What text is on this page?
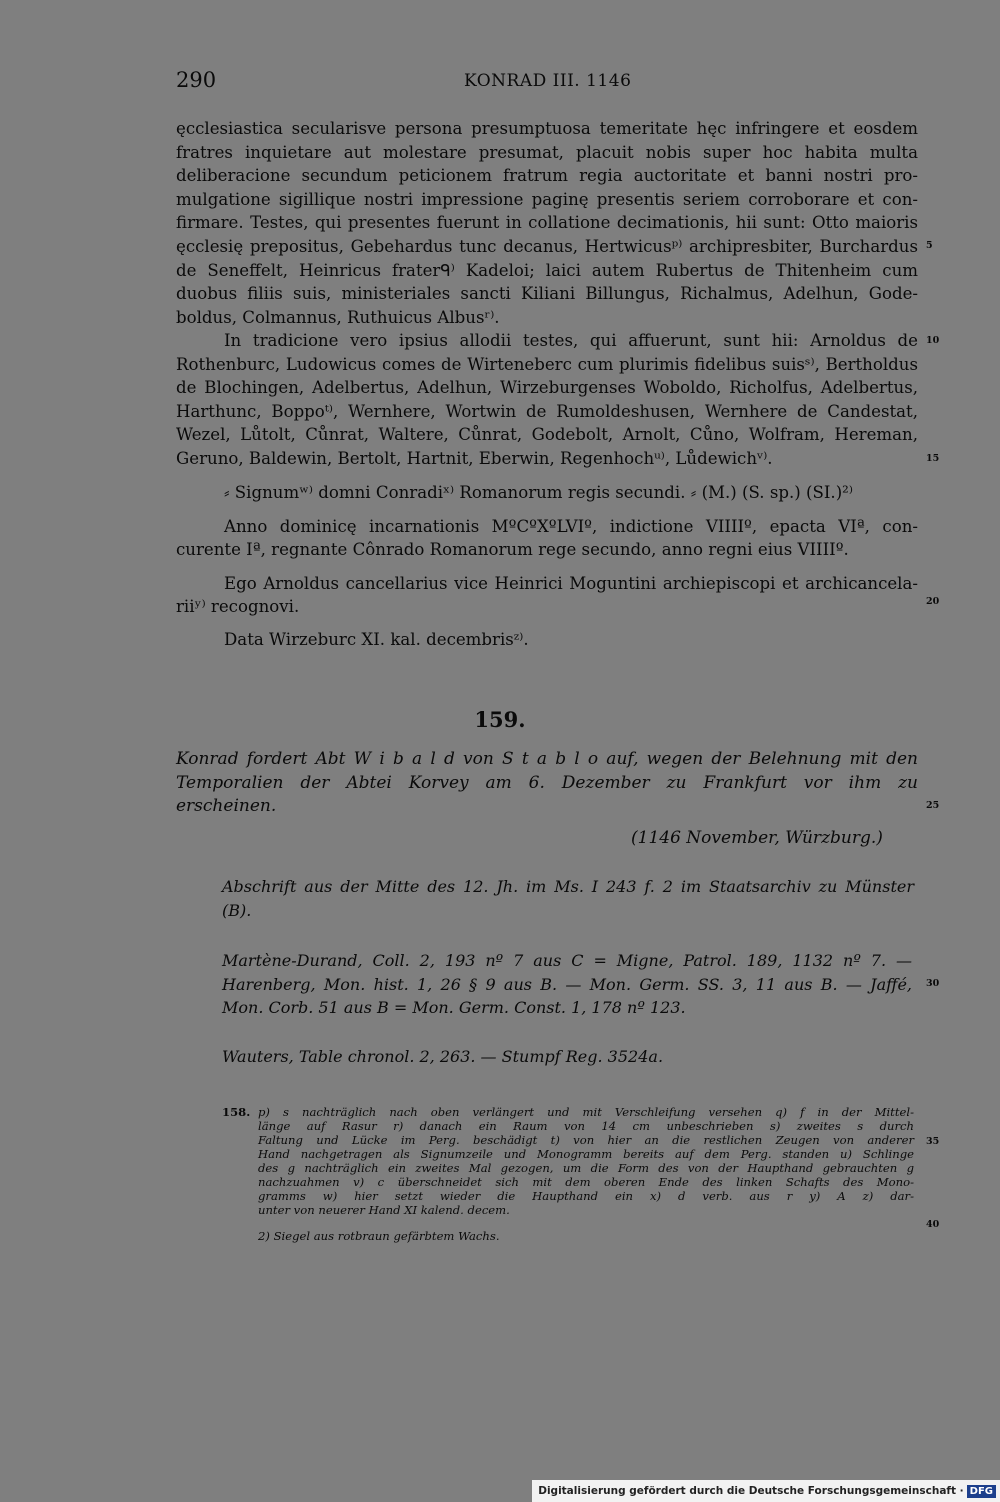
290	KONRAD III. 1146
ęcclesiastica secularisve persona presumptuosa temeritate hęc infringere et eosdem
fratres inquietare aut molestare presumat, placuit nobis super hoc habita multa
deliberacione secundum peticionem fratrum regia auctoritate et banni nostri pro-
mulgatione sigillique nostri impressione paginę presentis seriem corroborare et con-
firmare. Testes, qui presentes fuerunt in collatione decimationis, hii sunt: Otto maioris
ęcclesię prepositus, Gebehardus tunc decanus, Hertwicusᵖ⁾ archipresbiter, Burchardus
de Seneffelt, Heinricus fraterᑫ⁾ Kadeloi; laici autem Rubertus de Thitenheim cum
duobus filiis suis, ministeriales sancti Kiliani Billungus, Richalmus, Adelhun, Gode-
boldus, Colmannus, Ruthuicus Albusʳ⁾.
In tradicione vero ipsius allodii testes, qui affuerunt, sunt hii: Arnoldus de
Rothenburc, Ludowicus comes de Wirteneberc cum plurimis fidelibus suisˢ⁾, Bertholdus
de Blochingen, Adelbertus, Adelhun, Wirzeburgenses Woboldo, Richolfus, Adelbertus,
Harthunc, Boppoᵗ⁾, Wernhere, Wortwin de Rumoldeshusen, Wernhere de Candestat,
Wezel, Lůtolt, Cůnrat, Waltere, Cůnrat, Godebolt, Arnolt, Cůno, Wolfram, Hereman,
Geruno, Baldewin, Bertolt, Hartnit, Eberwin, Regenhochᵘ⁾, Lůdewichᵛ⁾.
⸗ Signumʷ⁾ domni Conradiˣ⁾ Romanorum regis secundi. ⸗ (M.) (S. sp.) (SI.)²⁾
Anno dominicę incarnationis MºCºXºLVIº, indictione VIIIIº, epacta VIª, con-
curente Iª, regnante Cônrado Romanorum rege secundo, anno regni eius VIIIIº.
Ego Arnoldus cancellarius vice Heinrici Moguntini archiepiscopi et archicancela-
riiʸ⁾ recognovi.
Data Wirzeburc XI. kal. decembrisᶻ⁾.
159.
Konrad fordert Abt W i b a l d von S t a b l o auf, wegen der Belehnung mit den
Temporalien der Abtei Korvey am 6. Dezember zu Frankfurt vor ihm zu
erscheinen.
(1146 November, Würzburg.)
Abschrift aus der Mitte des 12. Jh. im Ms. I 243 f. 2 im Staatsarchiv zu Münster
(B).
Martène-Durand, Coll. 2, 193 nº 7 aus C = Migne, Patrol. 189, 1132 nº 7. —
Harenberg, Mon. hist. 1, 26 § 9 aus B. — Mon. Germ. SS. 3, 11 aus B. — Jaffé,
Mon. Corb. 51 aus B = Mon. Germ. Const. 1, 178 nº 123.
Wauters, Table chronol. 2, 263. — Stumpf Reg. 3524a.
158. p) s nachträglich nach oben verlängert und mit Verschleifung versehen q) f in der Mittel-
länge auf Rasur r) danach ein Raum von 14 cm unbeschrieben s) zweites s durch
Faltung und Lücke im Perg. beschädigt t) von hier an die restlichen Zeugen von anderer
Hand nachgetragen als Signumzeile und Monogramm bereits auf dem Perg. standen u) Schlinge
des g nachträglich ein zweites Mal gezogen, um die Form des von der Haupthand gebrauchten g
nachzuahmen v) c überschneidet sich mit dem oberen Ende des linken Schafts des Mono-
gramms w) hier setzt wieder die Haupthand ein x) d verb. aus r y) A z) dar-
unter von neuerer Hand XI kalend. decem.
2) Siegel aus rotbraun gefärbtem Wachs.
5
10
15
20
25
30
35
40
Digitalisierung gefördert durch die Deutsche Forschungsgemeinschaft · DFG
